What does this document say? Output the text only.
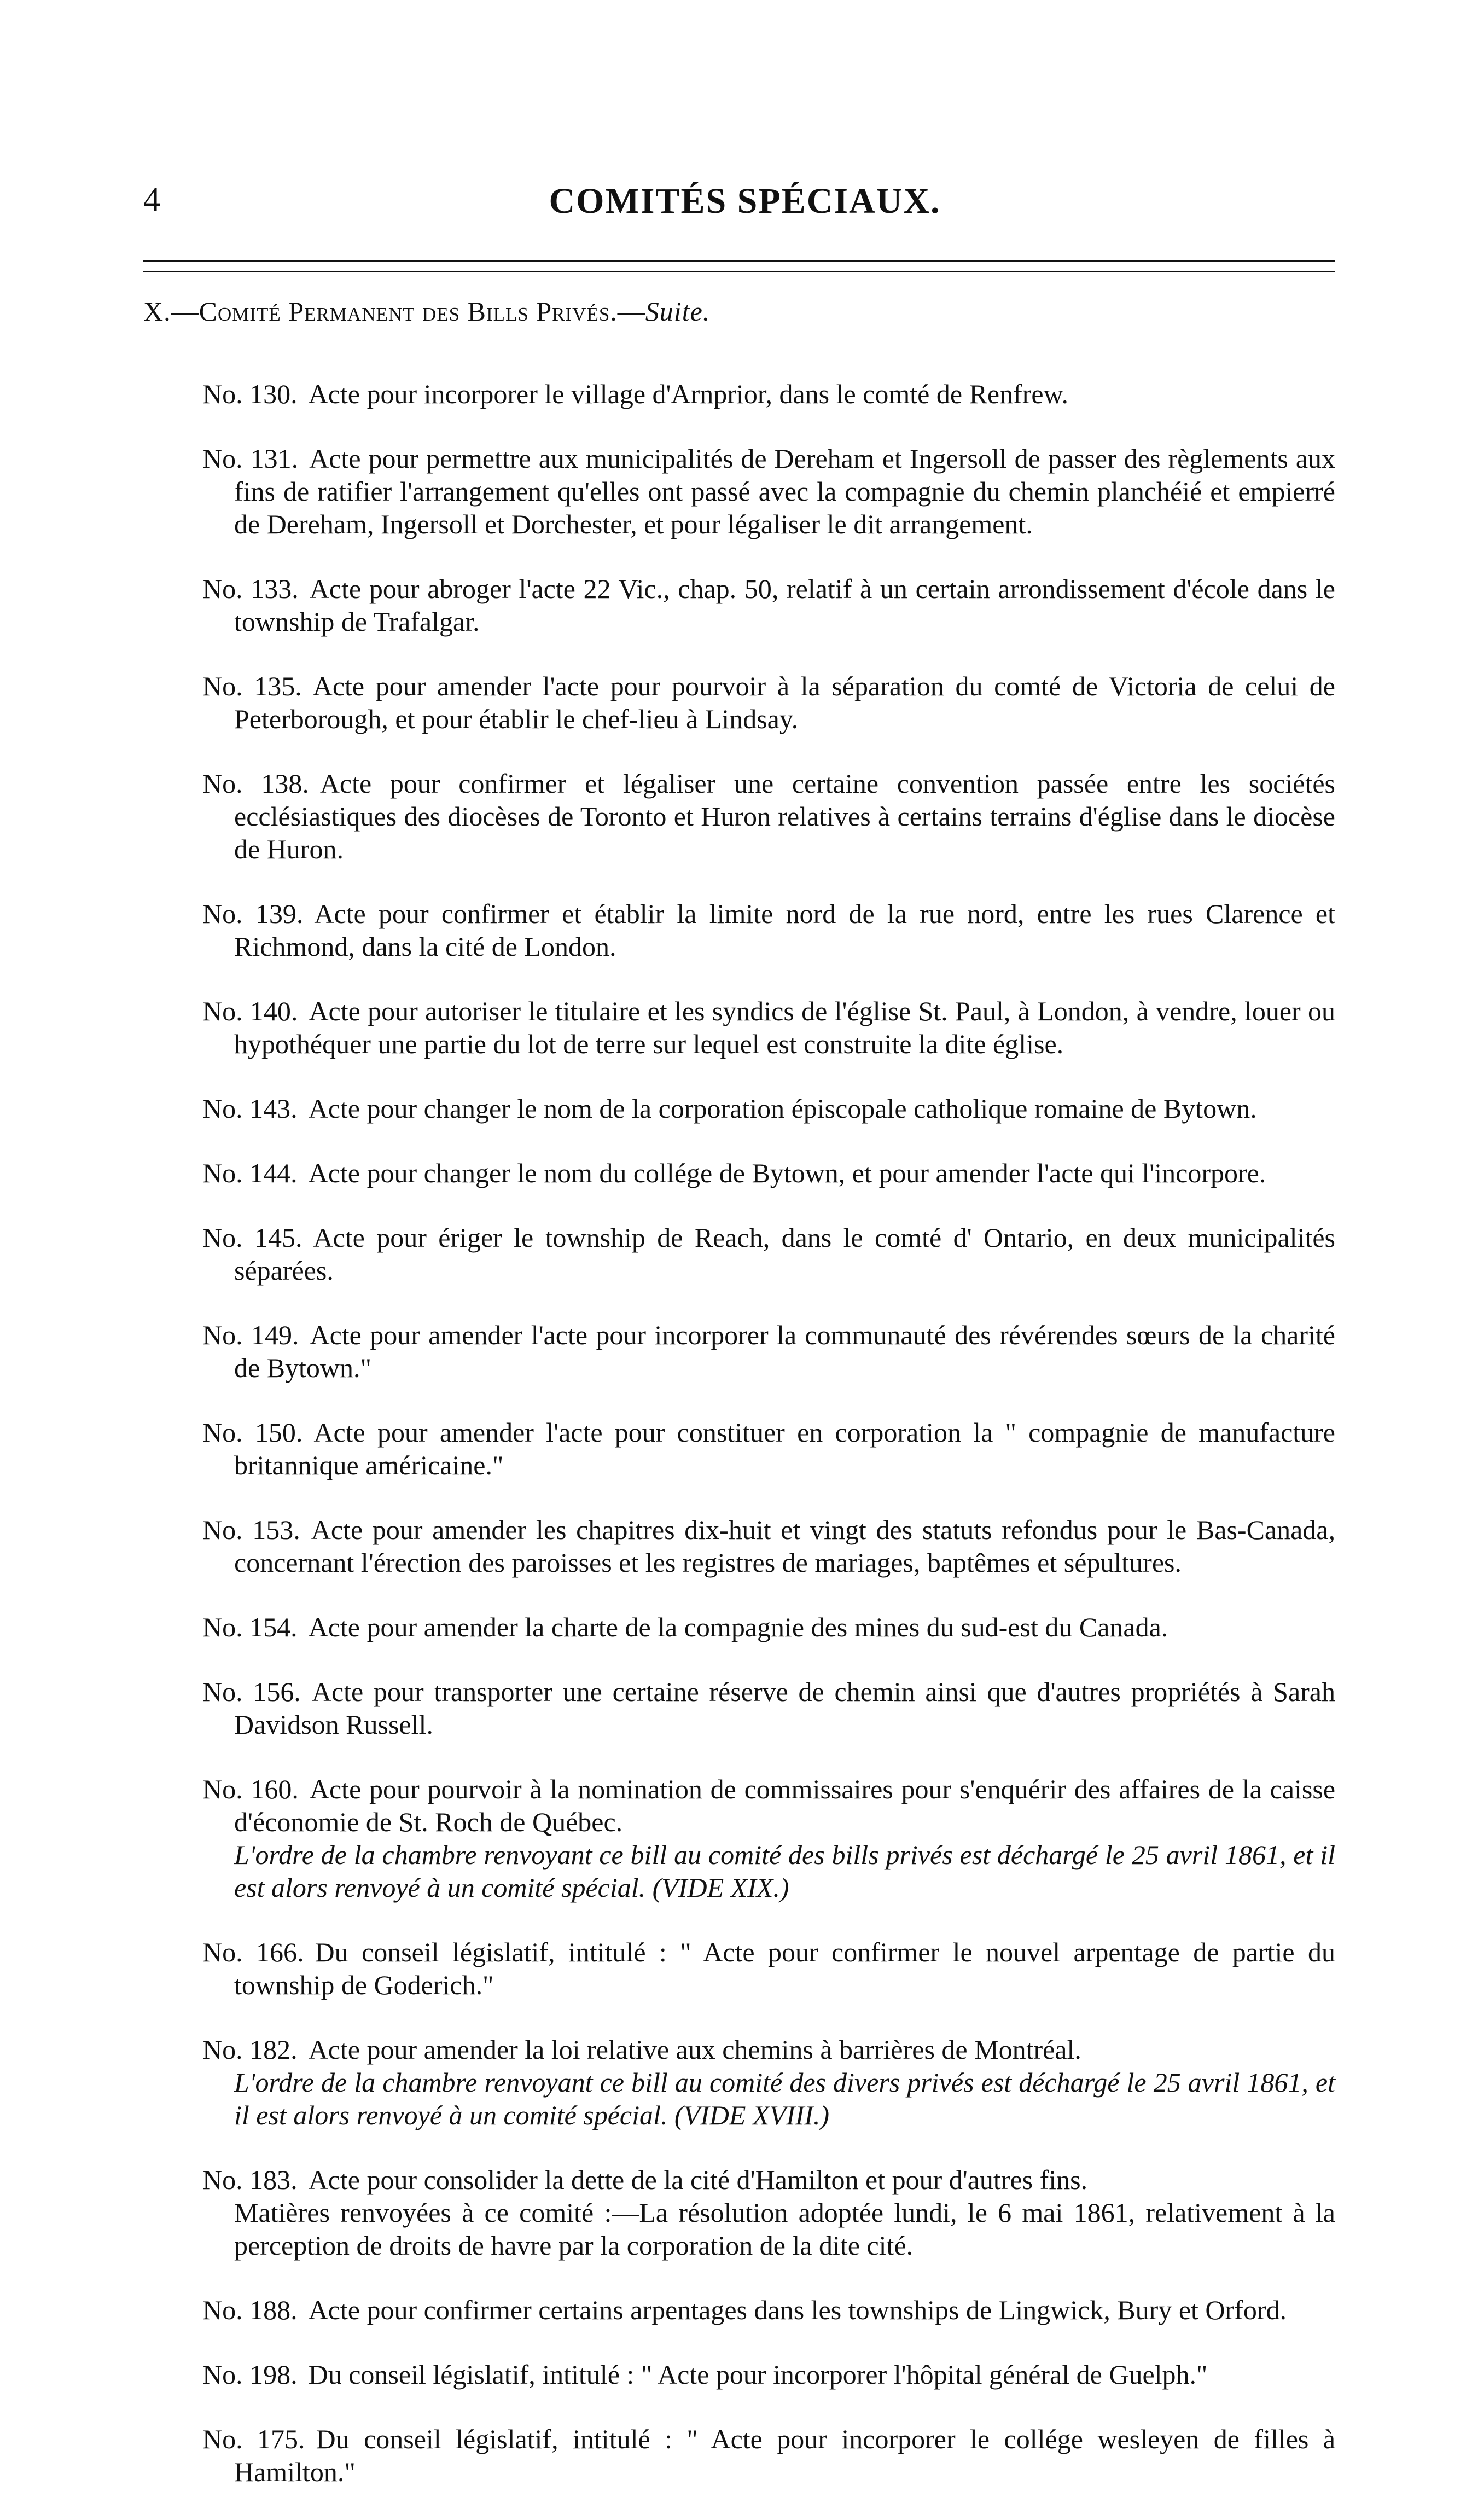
4	COMITÉS SPÉCIAUX.
X.—Comité Permanent des Bills Privés.—Suite.

No. 130. Acte pour incorporer le village d'Arnprior, dans le comté de Renfrew.

No. 131. Acte pour permettre aux municipalités de Dereham et Ingersoll de passer des règlements aux fins de ratifier l'arrangement qu'elles ont passé avec la compagnie du chemin planchéié et empierré de Dereham, Ingersoll et Dorchester, et pour légaliser le dit arrangement.

No. 133. Acte pour abroger l'acte 22 Vic., chap. 50, relatif à un certain arrondissement d'école dans le township de Trafalgar.

No. 135. Acte pour amender l'acte pour pourvoir à la séparation du comté de Victoria de celui de Peterborough, et pour établir le chef-lieu à Lindsay.

No. 138. Acte pour confirmer et légaliser une certaine convention passée entre les sociétés ecclésiastiques des diocèses de Toronto et Huron relatives à certains terrains d'église dans le diocèse de Huron.

No. 139. Acte pour confirmer et établir la limite nord de la rue nord, entre les rues Clarence et Richmond, dans la cité de London.

No. 140. Acte pour autoriser le titulaire et les syndics de l'église St. Paul, à London, à vendre, louer ou hypothéquer une partie du lot de terre sur lequel est construite la dite église.

No. 143. Acte pour changer le nom de la corporation épiscopale catholique romaine de Bytown.

No. 144. Acte pour changer le nom du collége de Bytown, et pour amender l'acte qui l'incorpore.

No. 145. Acte pour ériger le township de Reach, dans le comté d' Ontario, en deux municipalités séparées.

No. 149. Acte pour amender l'acte pour incorporer la communauté des révérendes sœurs de la charité de Bytown."

No. 150. Acte pour amender l'acte pour constituer en corporation la " compagnie de manufacture britannique américaine."

No. 153. Acte pour amender les chapitres dix-huit et vingt des statuts refondus pour le Bas-Canada, concernant l'érection des paroisses et les registres de mariages, baptêmes et sépultures.

No. 154. Acte pour amender la charte de la compagnie des mines du sud-est du Canada.

No. 156. Acte pour transporter une certaine réserve de chemin ainsi que d'autres propriétés à Sarah Davidson Russell.

No. 160. Acte pour pourvoir à la nomination de commissaires pour s'enquérir des affaires de la caisse d'économie de St. Roch de Québec.
L'ordre de la chambre renvoyant ce bill au comité des bills privés est déchargé le 25 avril 1861, et il est alors renvoyé à un comité spécial. (VIDE XIX.)

No. 166. Du conseil législatif, intitulé : " Acte pour confirmer le nouvel arpentage de partie du township de Goderich."

No. 182. Acte pour amender la loi relative aux chemins à barrières de Montréal.
L'ordre de la chambre renvoyant ce bill au comité des divers privés est déchargé le 25 avril 1861, et il est alors renvoyé à un comité spécial. (VIDE XVIII.)

No. 183. Acte pour consolider la dette de la cité d'Hamilton et pour d'autres fins.
Matières renvoyées à ce comité :—La résolution adoptée lundi, le 6 mai 1861, relativement à la perception de droits de havre par la corporation de la dite cité.

No. 188. Acte pour confirmer certains arpentages dans les townships de Lingwick, Bury et Orford.

No. 198. Du conseil législatif, intitulé : " Acte pour incorporer l'hôpital général de Guelph."

No. 175. Du conseil législatif, intitulé : " Acte pour incorporer le collége wesleyen de filles à Hamilton."
